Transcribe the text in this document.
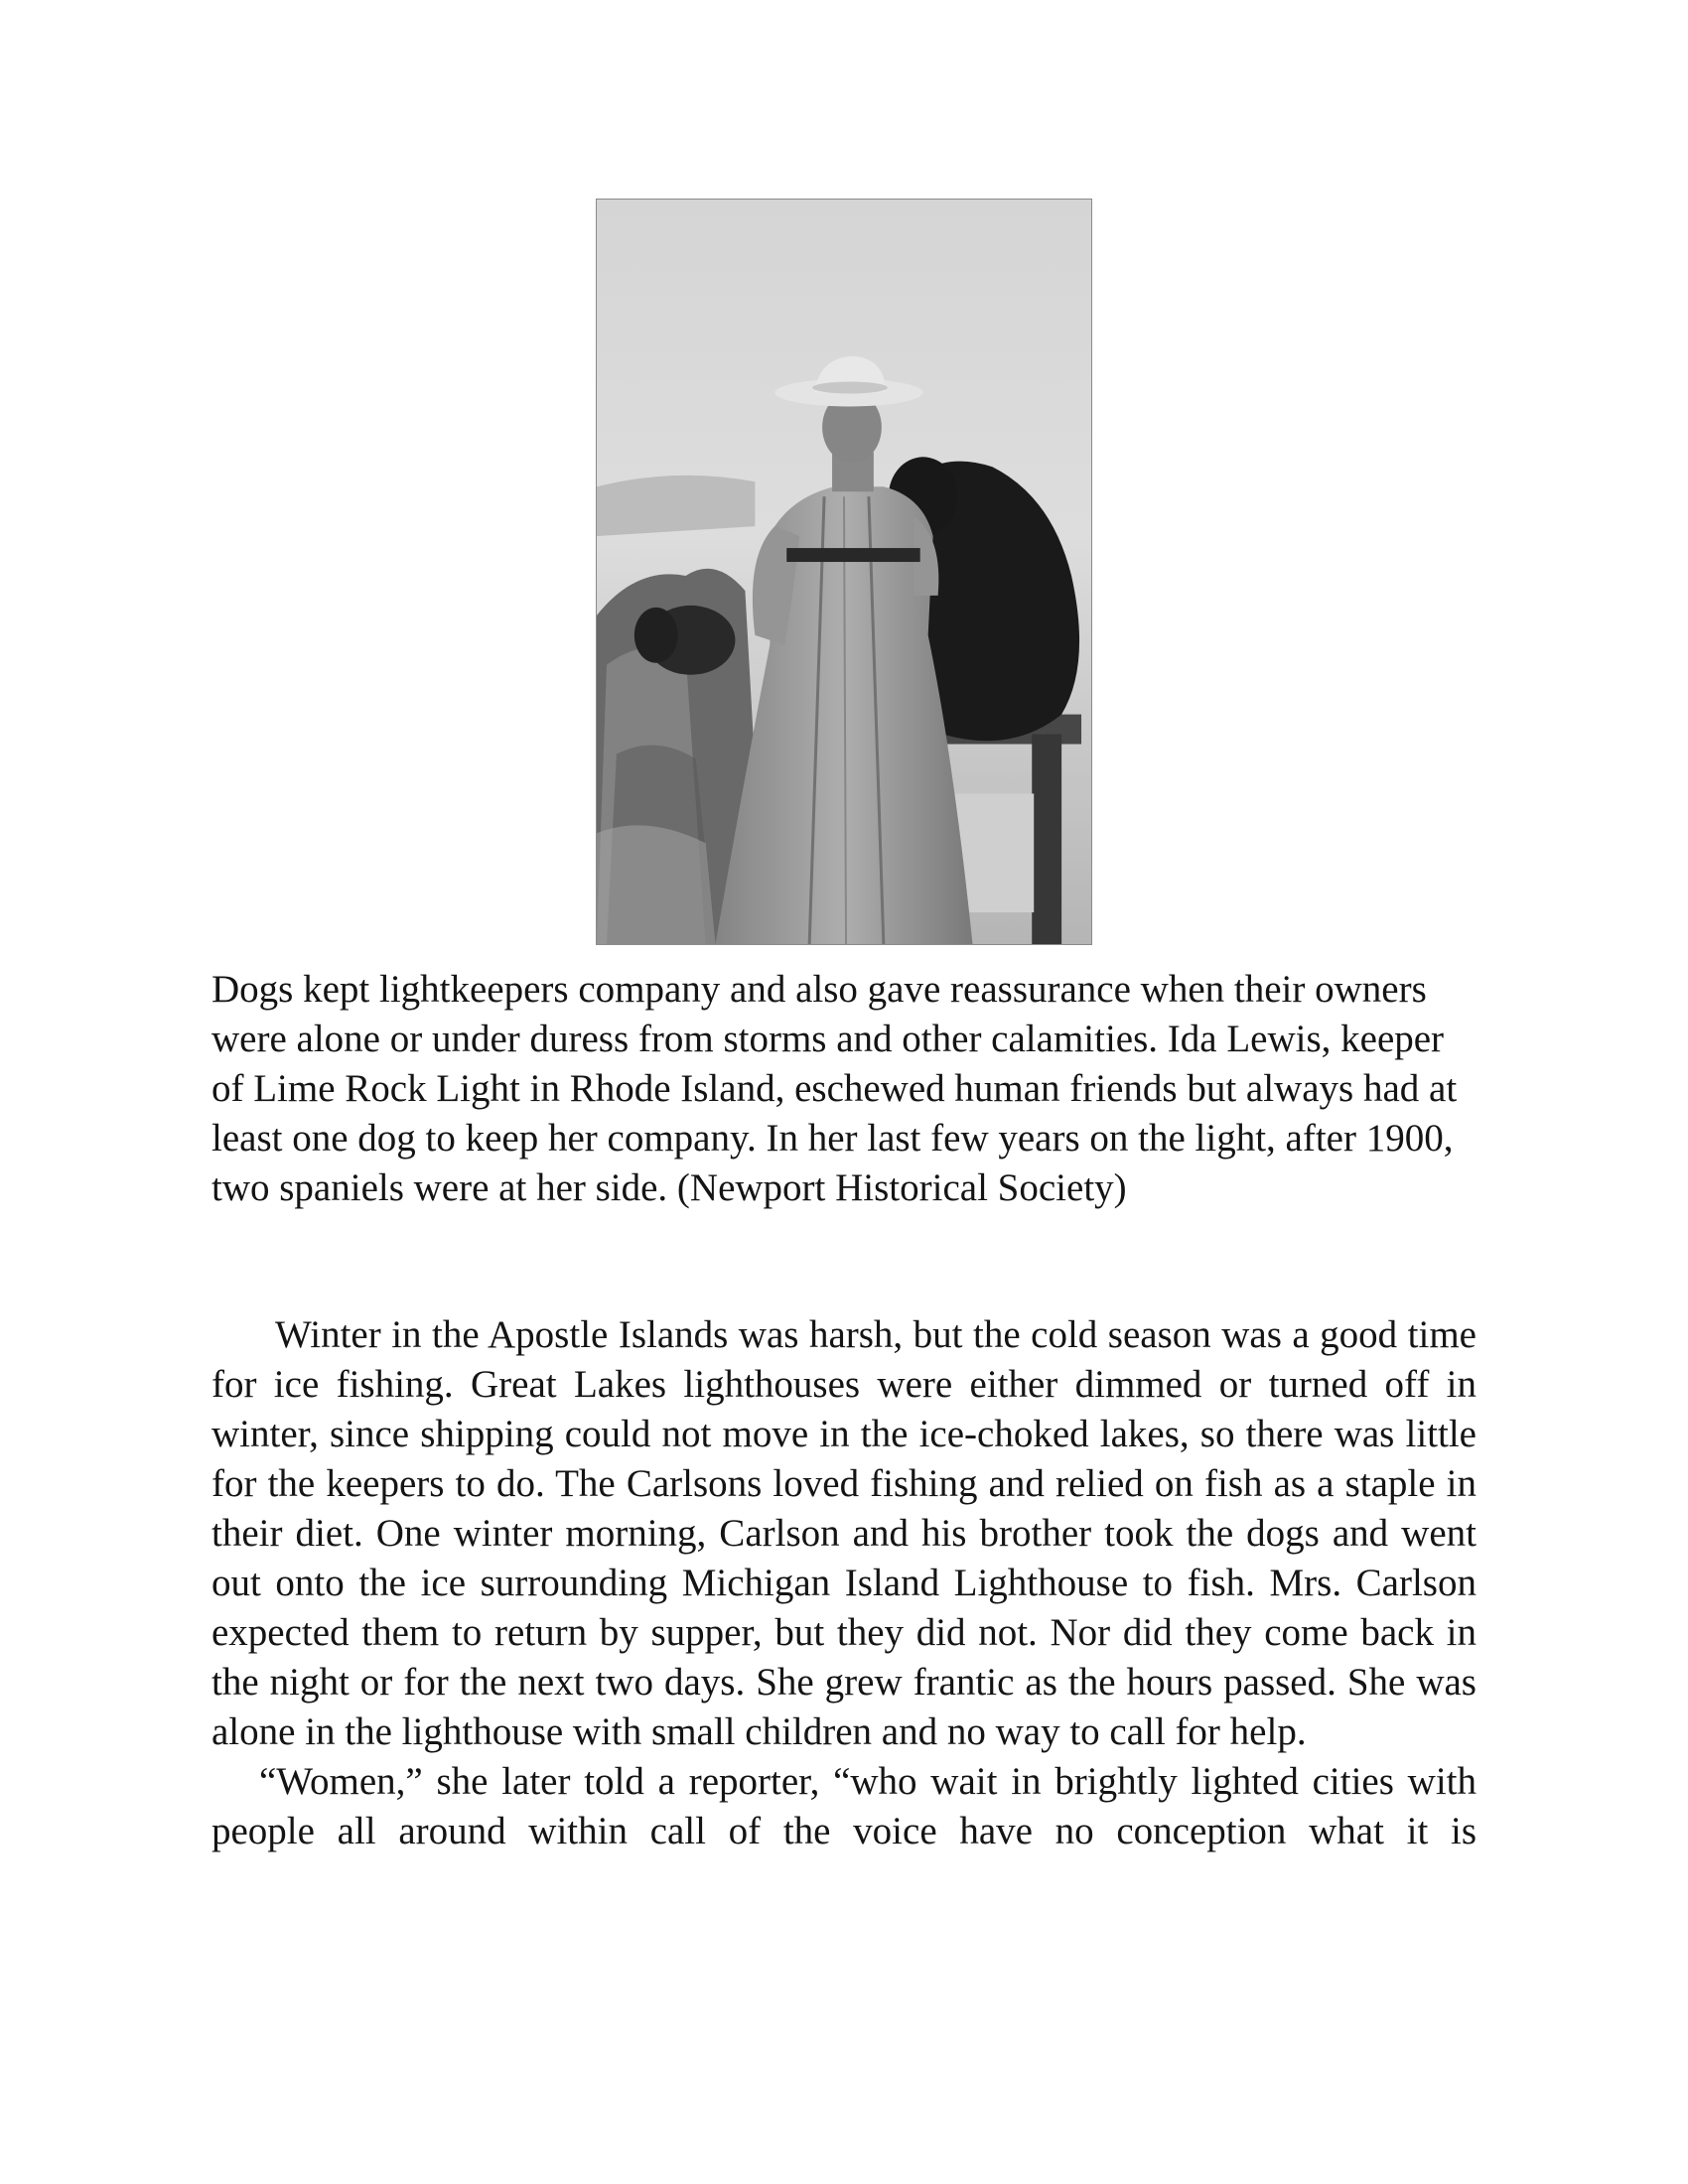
Dogs kept lightkeepers company and also gave reassurance when their owners were alone or under duress from storms and other calamities. Ida Lewis, keeper of Lime Rock Light in Rhode Island, eschewed human friends but always had at least one dog to keep her company. In her last few years on the light, after 1900, two spaniels were at her side. (Newport Historical Society)

Winter in the Apostle Islands was harsh, but the cold season was a good time for ice fishing. Great Lakes lighthouses were either dimmed or turned off in winter, since shipping could not move in the ice-choked lakes, so there was little for the keepers to do. The Carlsons loved fishing and relied on fish as a staple in their diet. One winter morning, Carlson and his brother took the dogs and went out onto the ice surrounding Michigan Island Lighthouse to fish. Mrs. Carlson expected them to return by supper, but they did not. Nor did they come back in the night or for the next two days. She grew frantic as the hours passed. She was alone in the lighthouse with small children and no way to call for help.

“Women,” she later told a reporter, “who wait in brightly lighted cities with people all around within call of the voice have no conception what it is
